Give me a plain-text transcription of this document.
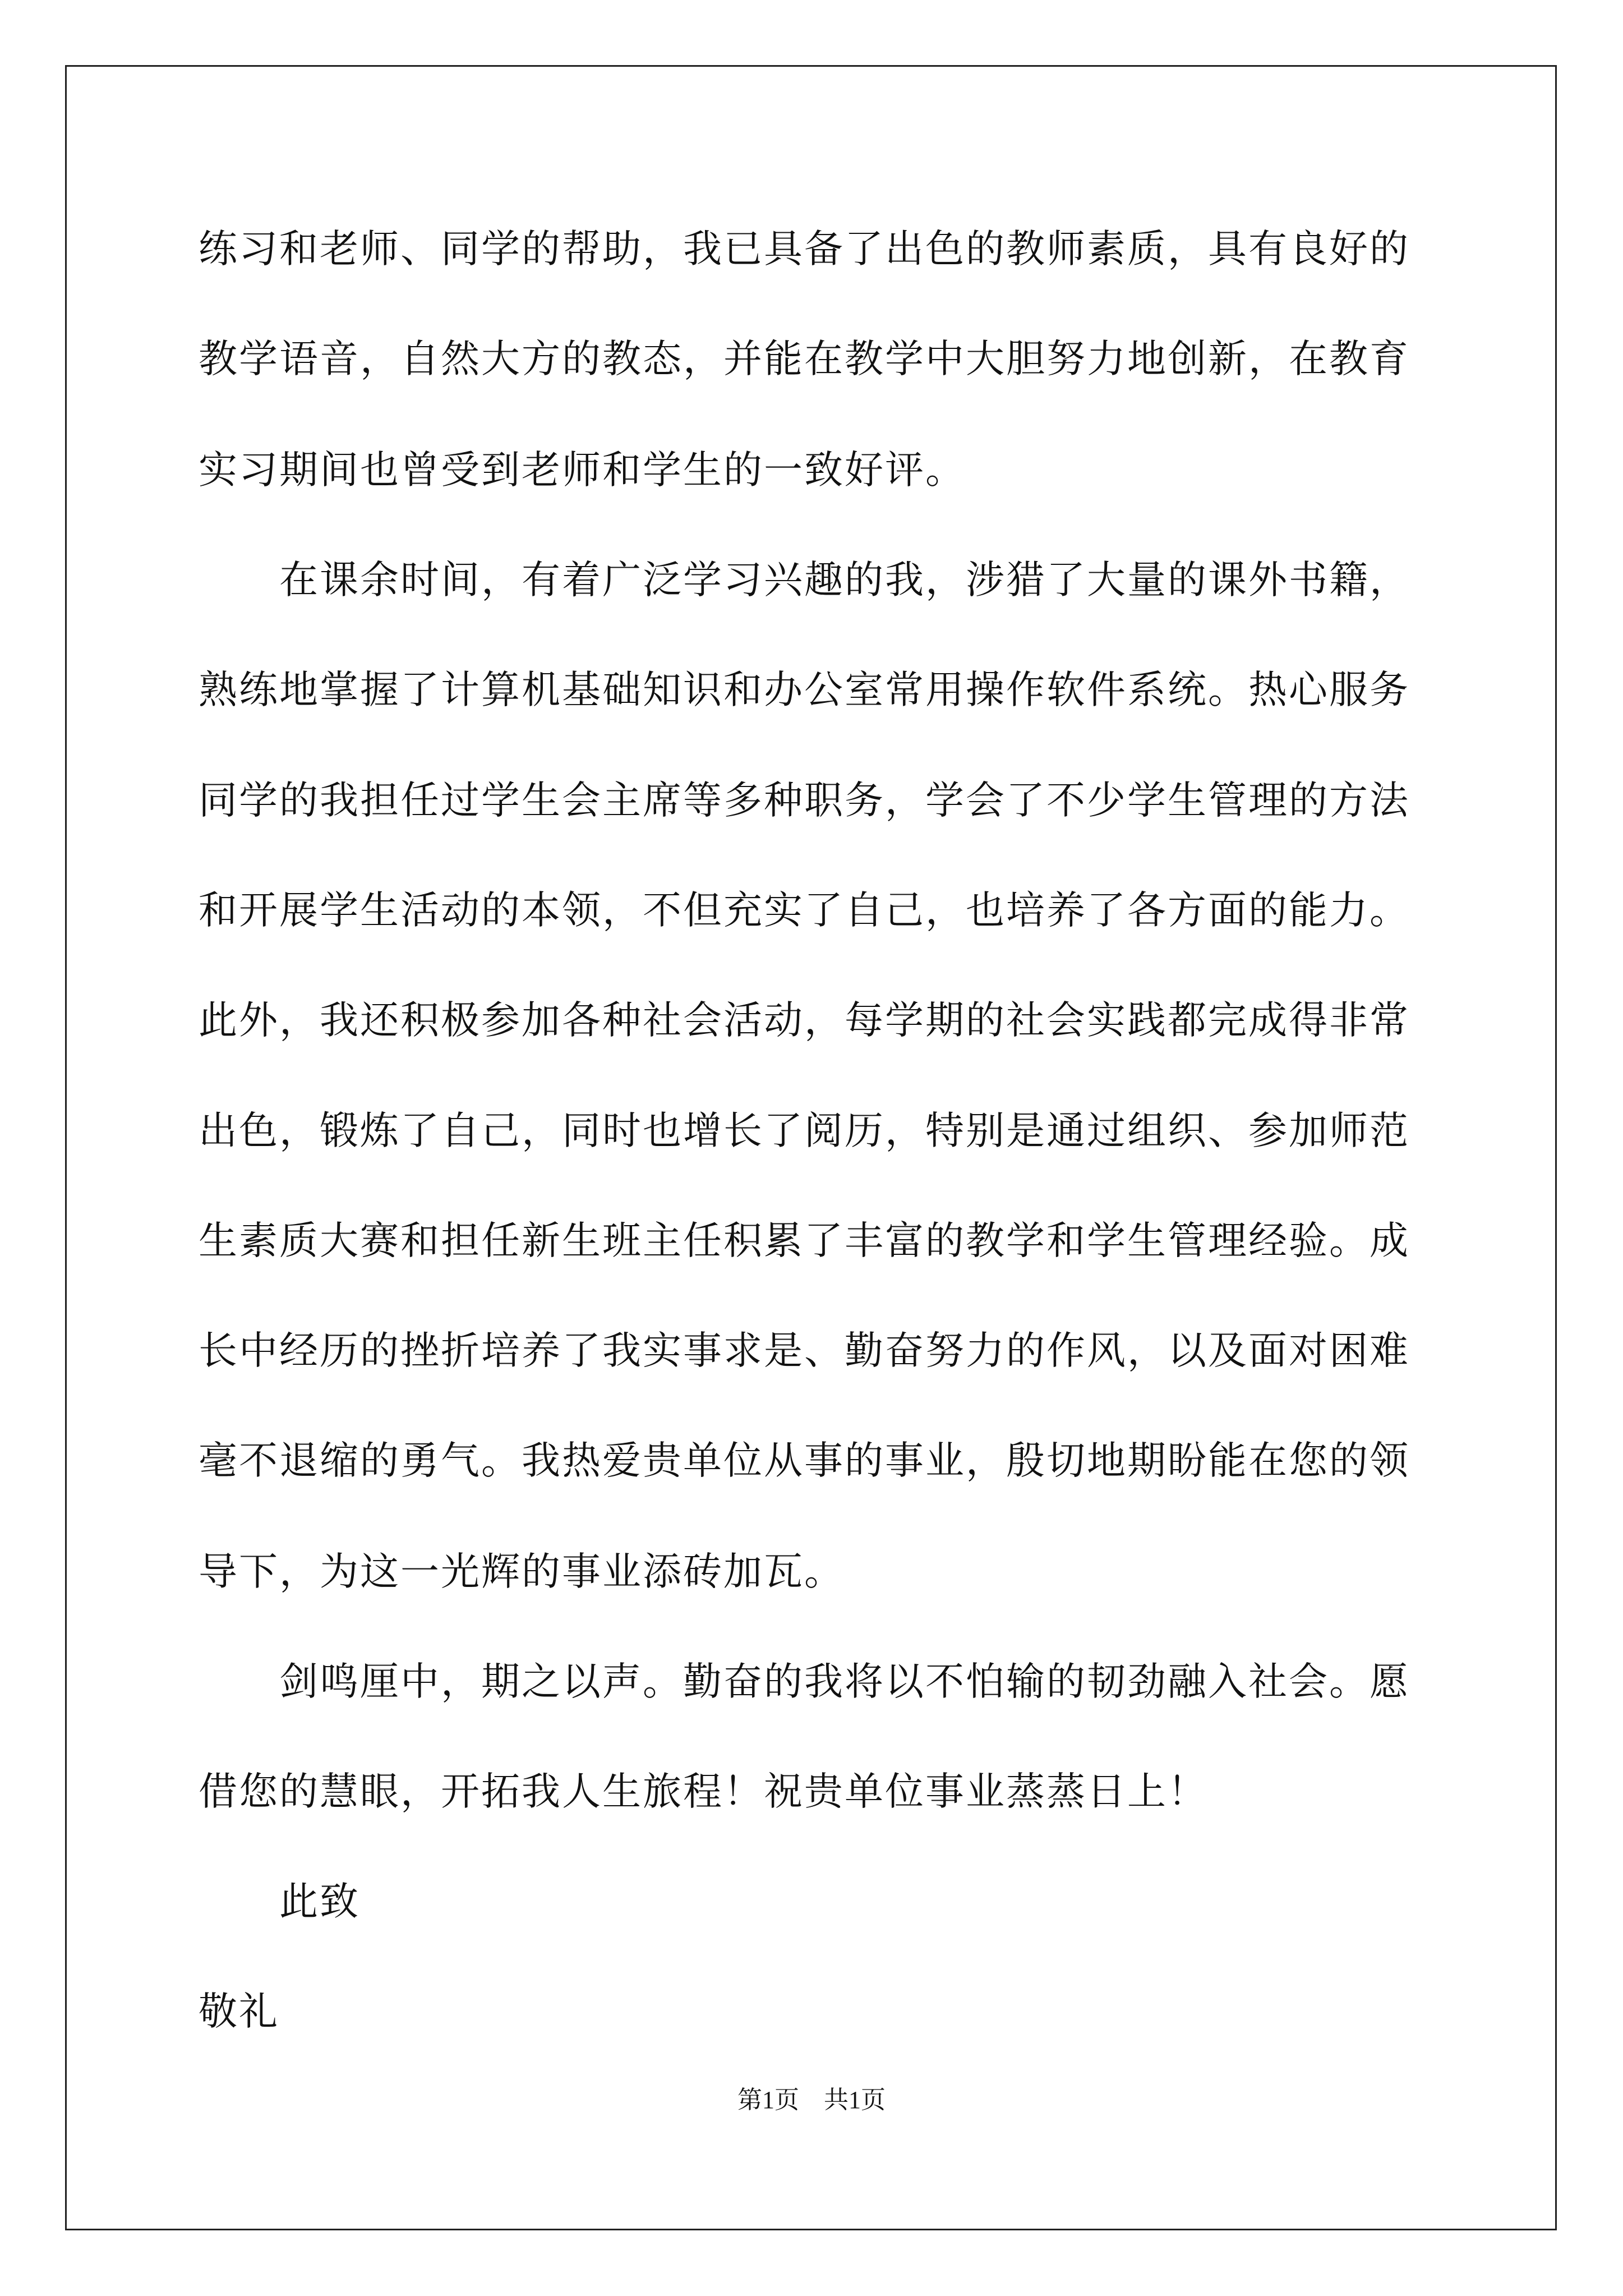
练习和老师、同学的帮助，我已具备了出色的教师素质，具有良好的
教学语音，自然大方的教态，并能在教学中大胆努力地创新，在教育
实习期间也曾受到老师和学生的一致好评。
　　在课余时间，有着广泛学习兴趣的我，涉猎了大量的课外书籍，
熟练地掌握了计算机基础知识和办公室常用操作软件系统。热心服务
同学的我担任过学生会主席等多种职务，学会了不少学生管理的方法
和开展学生活动的本领，不但充实了自己，也培养了各方面的能力。
此外，我还积极参加各种社会活动，每学期的社会实践都完成得非常
出色，锻炼了自己，同时也增长了阅历，特别是通过组织、参加师范
生素质大赛和担任新生班主任积累了丰富的教学和学生管理经验。成
长中经历的挫折培养了我实事求是、勤奋努力的作风，以及面对困难
毫不退缩的勇气。我热爱贵单位从事的事业，殷切地期盼能在您的领
导下，为这一光辉的事业添砖加瓦。
　　剑鸣厘中，期之以声。勤奋的我将以不怕输的韧劲融入社会。愿
借您的慧眼，开拓我人生旅程！祝贵单位事业蒸蒸日上！
　　此致
敬礼
第1页　共1页
